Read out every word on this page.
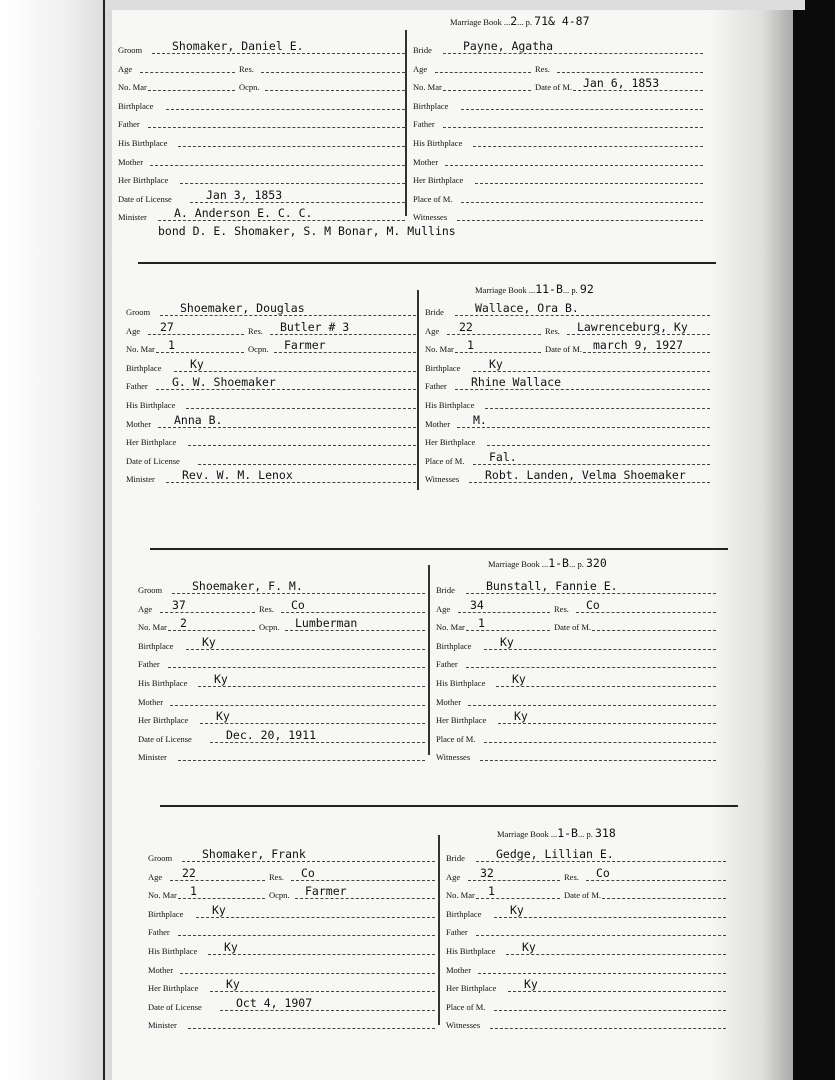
Marriage Book ...2... p. 71& 4-87
Groom	Shomaker, Daniel E.
Age	Res.
No. Mar	Ocpn.
Birthplace
Father
His Birthplace
Mother
Her Birthplace
Date of License	Jan 3, 1853
Minister A. Anderson E. C. C.
Bride	Payne, Agatha
Age	Res.
No. Mar	Date of M. Jan 6, 1853
Birthplace
Father
His Birthplace
Mother
Her Birthplace
Place of M.
Witnesses
bond D. E. Shomaker, S. M Bonar, M. Mullins
Marriage Book ...11-B... p. 92
Groom	Shoemaker, Douglas
Age 27	Res. Butler # 3
No. Mar 1	Ocpn. Farmer
Birthplace Ky
Father G. W. Shoemaker
His Birthplace
Mother Anna B.
Her Birthplace
Date of License
Minister Rev. W. M. Lenox
Bride	Wallace, Ora B.
Age 22	Res. Lawrenceburg, Ky
No. Mar 1	Date of M. march 9, 1927
Birthplace Ky
Father Rhine Wallace
His Birthplace
Mother M.
Her Birthplace
Place of M. Fal.
Witnesses Robt. Landen, Velma Shoemaker
Marriage Book ...1-B... p. 320
Groom	Shoemaker, F. M.
Age 37	Res. Co
No. Mar 2	Ocpn. Lumberman
Birthplace Ky
Father
His Birthplace Ky
Mother
Her Birthplace Ky
Date of License	Dec. 20, 1911
Minister
Bride	Bunstall, Fannie E.
Age 34	Res. Co
No. Mar 1	Date of M.
Birthplace Ky
Father
His Birthplace Ky
Mother
Her Birthplace Ky
Place of M.
Witnesses
Marriage Book ...1-B... p. 318
Groom	Shomaker, Frank
Age 22	Res. Co
No. Mar 1	Ocpn. Farmer
Birthplace Ky
Father
His Birthplace Ky
Mother
Her Birthplace Ky
Date of License	Oct 4, 1907
Minister
Bride	Gedge, Lillian E.
Age 32	Res. Co
No. Mar 1	Date of M.
Birthplace Ky
Father
His Birthplace Ky
Mother
Her Birthplace Ky
Place of M.
Witnesses
